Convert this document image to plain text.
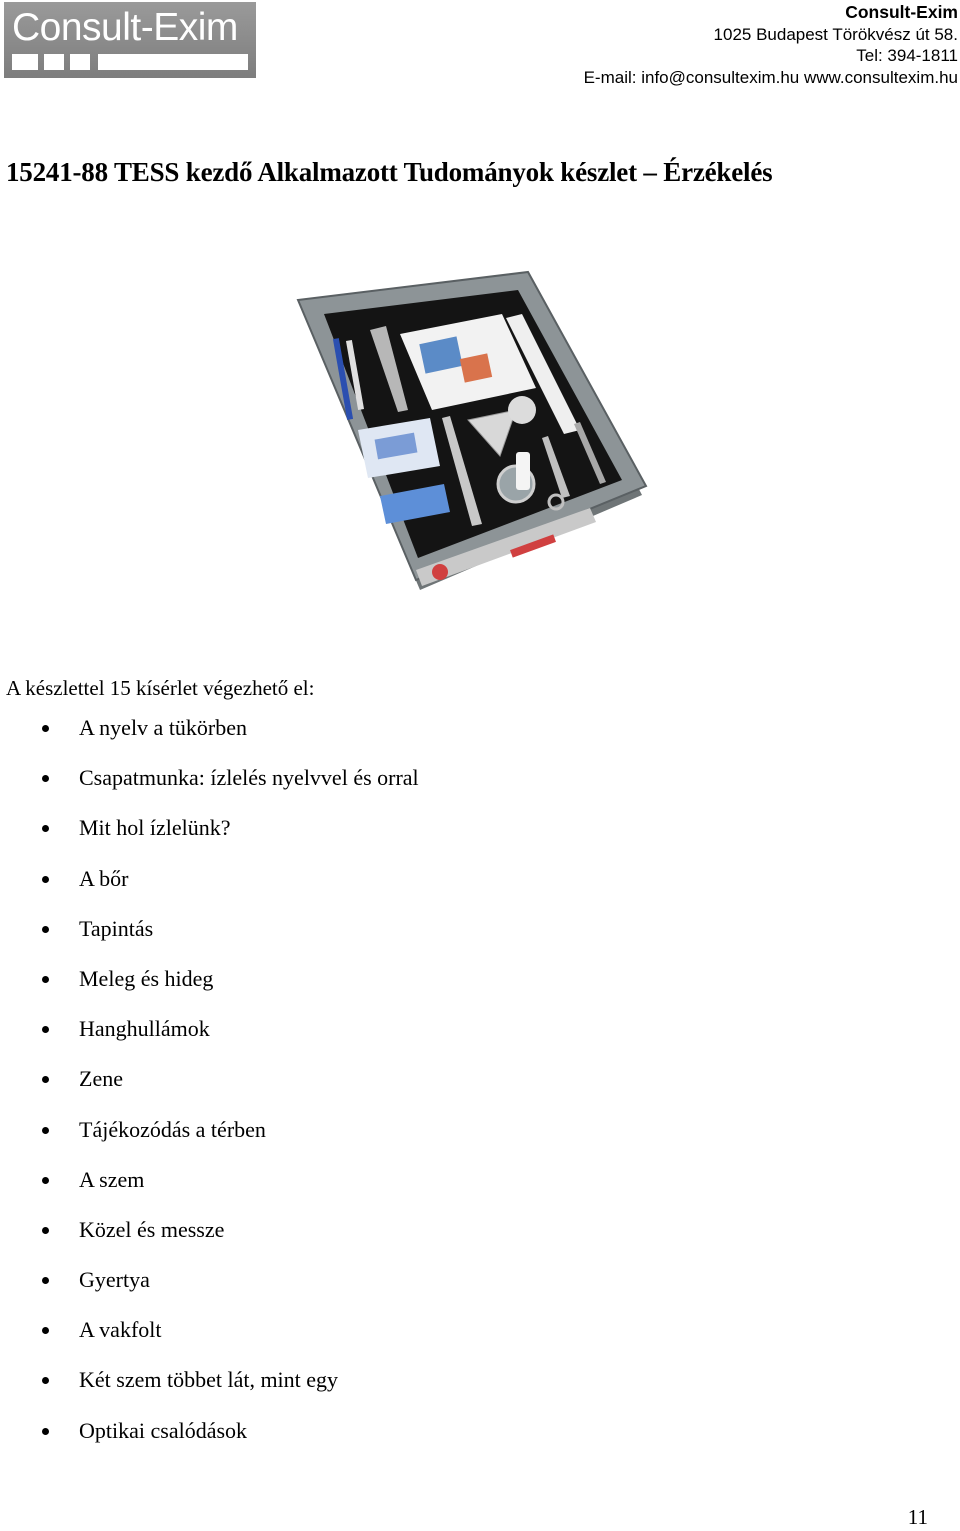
Consult-Exim	Consult-Exim
1025 Budapest Törökvész út 58.
Tel: 394-1811
E-mail: info@consultexim.hu www.consultexim.hu
15241-88 TESS kezdő Alkalmazott Tudományok készlet – Érzékelés

A készlettel 15 kísérlet végezhető el:

A nyelv a tükörben
Csapatmunka: ízlelés nyelvvel és orral
Mit hol ízlelünk?
A bőr
Tapintás
Meleg és hideg
Hanghullámok
Zene
Tájékozódás a térben
A szem
Közel és messze
Gyertya
A vakfolt
Két szem többet lát, mint egy
Optikai csalódások
11
